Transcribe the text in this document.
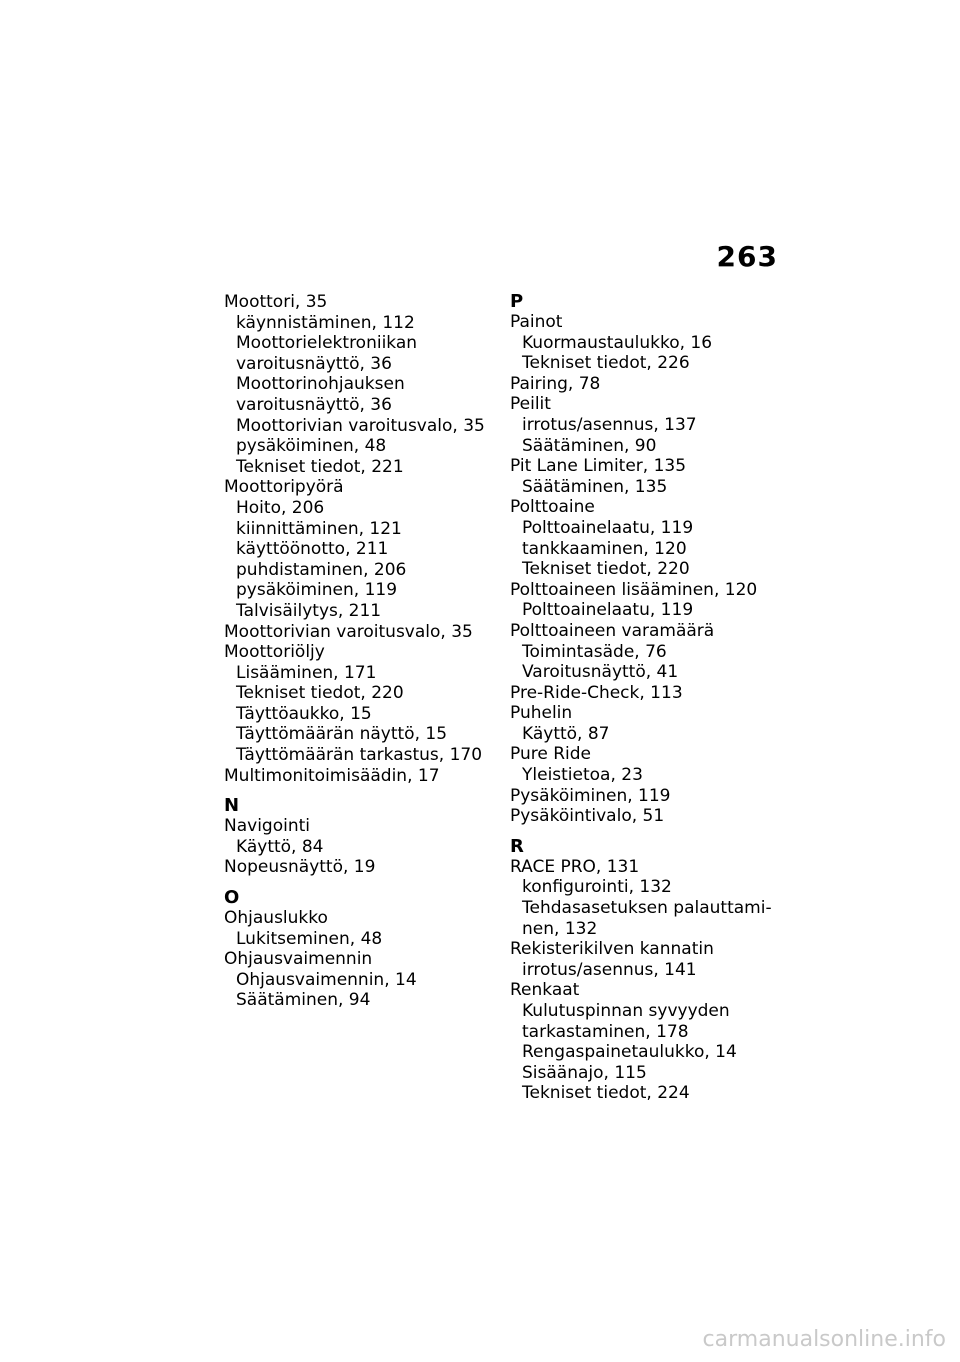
263
Moottori, 35
käynnistäminen, 112
Moottorielektroniikan
varoitusnäyttö, 36
Moottorinohjauksen
varoitusnäyttö, 36
Moottorivian varoitusvalo, 35
pysäköiminen, 48
Tekniset tiedot, 221
Moottoripyörä
Hoito, 206
kiinnittäminen, 121
käyttöönotto, 211
puhdistaminen, 206
pysäköiminen, 119
Talvisäilytys, 211
Moottorivian varoitusvalo, 35
Moottoriöljy
Lisääminen, 171
Tekniset tiedot, 220
Täyttöaukko, 15
Täyttömäärän näyttö, 15
Täyttömäärän tarkastus, 170
Multimonitoimisäädin, 17
N
Navigointi
Käyttö, 84
Nopeusnäyttö, 19
O
Ohjauslukko
Lukitseminen, 48
Ohjausvaimennin
Ohjausvaimennin, 14
Säätäminen, 94
P
Painot
Kuormaustaulukko, 16
Tekniset tiedot, 226
Pairing, 78
Peilit
irrotus/asennus, 137
Säätäminen, 90
Pit Lane Limiter, 135
Säätäminen, 135
Polttoaine
Polttoainelaatu, 119
tankkaaminen, 120
Tekniset tiedot, 220
Polttoaineen lisääminen, 120
Polttoainelaatu, 119
Polttoaineen varamäärä
Toimintasäde, 76
Varoitusnäyttö, 41
Pre-Ride-Check, 113
Puhelin
Käyttö, 87
Pure Ride
Yleistietoa, 23
Pysäköiminen, 119
Pysäköintivalo, 51
R
RACE PRO, 131
konfigurointi, 132
Tehdasasetuksen palauttami-
nen, 132
Rekisterikilven kannatin
irrotus/asennus, 141
Renkaat
Kulutuspinnan syvyyden
tarkastaminen, 178
Rengaspainetaulukko, 14
Sisäänajo, 115
Tekniset tiedot, 224
carmanualsonline.info
